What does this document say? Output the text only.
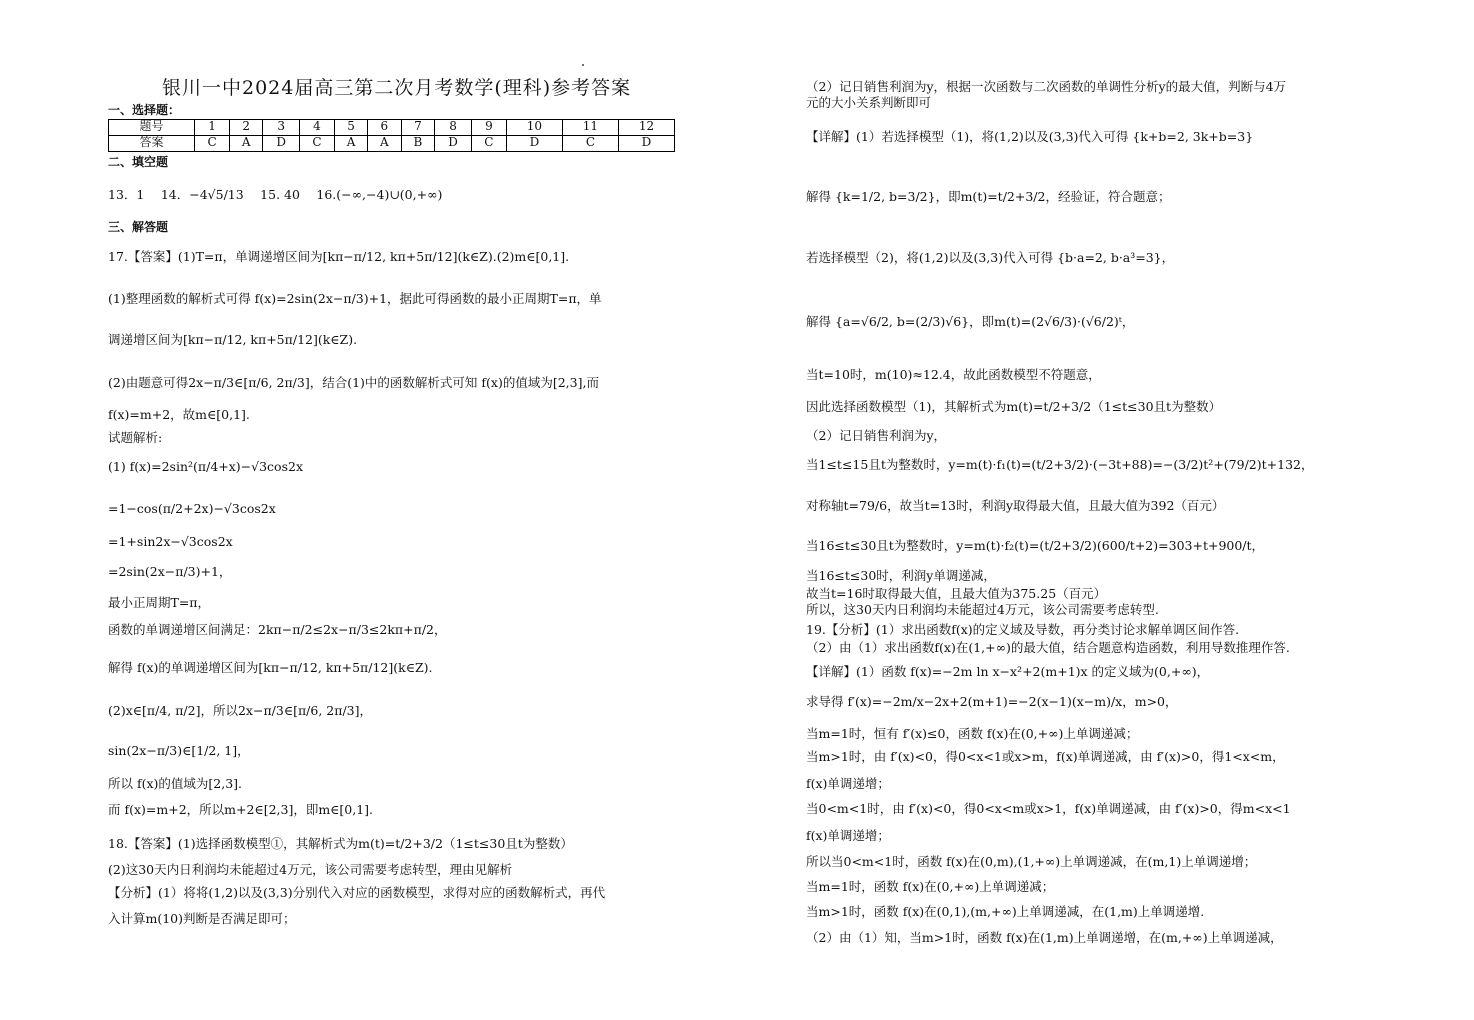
银川一中2024届高三第二次月考数学(理科)参考答案
一、选择题：
题号	1	2	3	4	5	6	7	8	9	10	11	12
答案	C	A	D	C	A	A	B	D	C	D	C	D
二、填空题
13．1　 14．−4√5/13　 15. 40　 16.(−∞,−4)∪(0,+∞)
三、解答题
17.【答案】(1)T=π，单调递增区间为[kπ−π/12, kπ+5π/12](k∈Z).(2)m∈[0,1].
(1)整理函数的解析式可得 f(x)=2sin(2x−π/3)+1，据此可得函数的最小正周期T=π，单
调递增区间为[kπ−π/12, kπ+5π/12](k∈Z).
(2)由题意可得2x−π/3∈[π/6, 2π/3]，结合(1)中的函数解析式可知 f(x)的值域为[2,3],而
f(x)=m+2，故m∈[0,1].
试题解析:
(1) f(x)=2sin²(π/4+x)−√3cos2x
=1−cos(π/2+2x)−√3cos2x
=1+sin2x−√3cos2x
=2sin(2x−π/3)+1，
最小正周期T=π，
函数的单调递增区间满足：2kπ−π/2≤2x−π/3≤2kπ+π/2，
解得 f(x)的单调递增区间为[kπ−π/12, kπ+5π/12](k∈Z).
(2)x∈[π/4, π/2]，所以2x−π/3∈[π/6, 2π/3]，
sin(2x−π/3)∈[1/2, 1]，
所以 f(x)的值域为[2,3].
而 f(x)=m+2，所以m+2∈[2,3]，即m∈[0,1].
18.【答案】(1)选择函数模型①，其解析式为m(t)=t/2+3/2（1≤t≤30且t为整数）
(2)这30天内日利润均未能超过4万元，该公司需要考虑转型，理由见解析
【分析】(1）将将(1,2)以及(3,3)分别代入对应的函数模型，求得对应的函数解析式，再代
入计算m(10)判断是否满足即可；
（2）记日销售利润为y，根据一次函数与二次函数的单调性分析y的最大值，判断与4万
元的大小关系判断即可
【详解】(1）若选择模型（1)，将(1,2)以及(3,3)代入可得 {k+b=2, 3k+b=3}
解得 {k=1/2, b=3/2}，即m(t)=t/2+3/2，经验证，符合题意；
若选择模型（2)，将(1,2)以及(3,3)代入可得 {b·a=2, b·a³=3}，
解得 {a=√6/2, b=(2/3)√6}，即m(t)=(2√6/3)·(√6/2)ᵗ，
当t=10时，m(10)≈12.4，故此函数模型不符题意，
因此选择函数模型（1)，其解析式为m(t)=t/2+3/2（1≤t≤30且t为整数）
（2）记日销售利润为y，
当1≤t≤15且t为整数时，y=m(t)·f₁(t)=(t/2+3/2)·(−3t+88)=−(3/2)t²+(79/2)t+132，
对称轴t=79/6，故当t=13时，利润y取得最大值，且最大值为392（百元）
当16≤t≤30且t为整数时，y=m(t)·f₂(t)=(t/2+3/2)(600/t+2)=303+t+900/t，
当16≤t≤30时，利润y单调递减，
故当t=16时取得最大值，且最大值为375.25（百元）
所以，这30天内日利润均未能超过4万元，该公司需要考虑转型.
19.【分析】(1）求出函数f(x)的定义域及导数，再分类讨论求解单调区间作答.
（2）由（1）求出函数f(x)在(1,+∞)的最大值，结合题意构造函数，利用导数推理作答.
【详解】(1）函数 f(x)=−2m ln x−x²+2(m+1)x 的定义域为(0,+∞)，
求导得 f′(x)=−2m/x−2x+2(m+1)=−2(x−1)(x−m)/x，m>0，
当m=1时，恒有 f′(x)≤0，函数 f(x)在(0,+∞)上单调递减；
当m>1时，由 f′(x)<0，得0<x<1或x>m，f(x)单调递减，由 f′(x)>0，得1<x<m，
f(x)单调递增；
当0<m<1时，由 f′(x)<0，得0<x<m或x>1，f(x)单调递减，由 f′(x)>0，得m<x<1
f(x)单调递增；
所以当0<m<1时，函数 f(x)在(0,m),(1,+∞)上单调递减，在(m,1)上单调递增；
当m=1时，函数 f(x)在(0,+∞)上单调递减；
当m>1时，函数 f(x)在(0,1),(m,+∞)上单调递减，在(1,m)上单调递增.
（2）由（1）知，当m>1时，函数 f(x)在(1,m)上单调递增，在(m,+∞)上单调递减，
